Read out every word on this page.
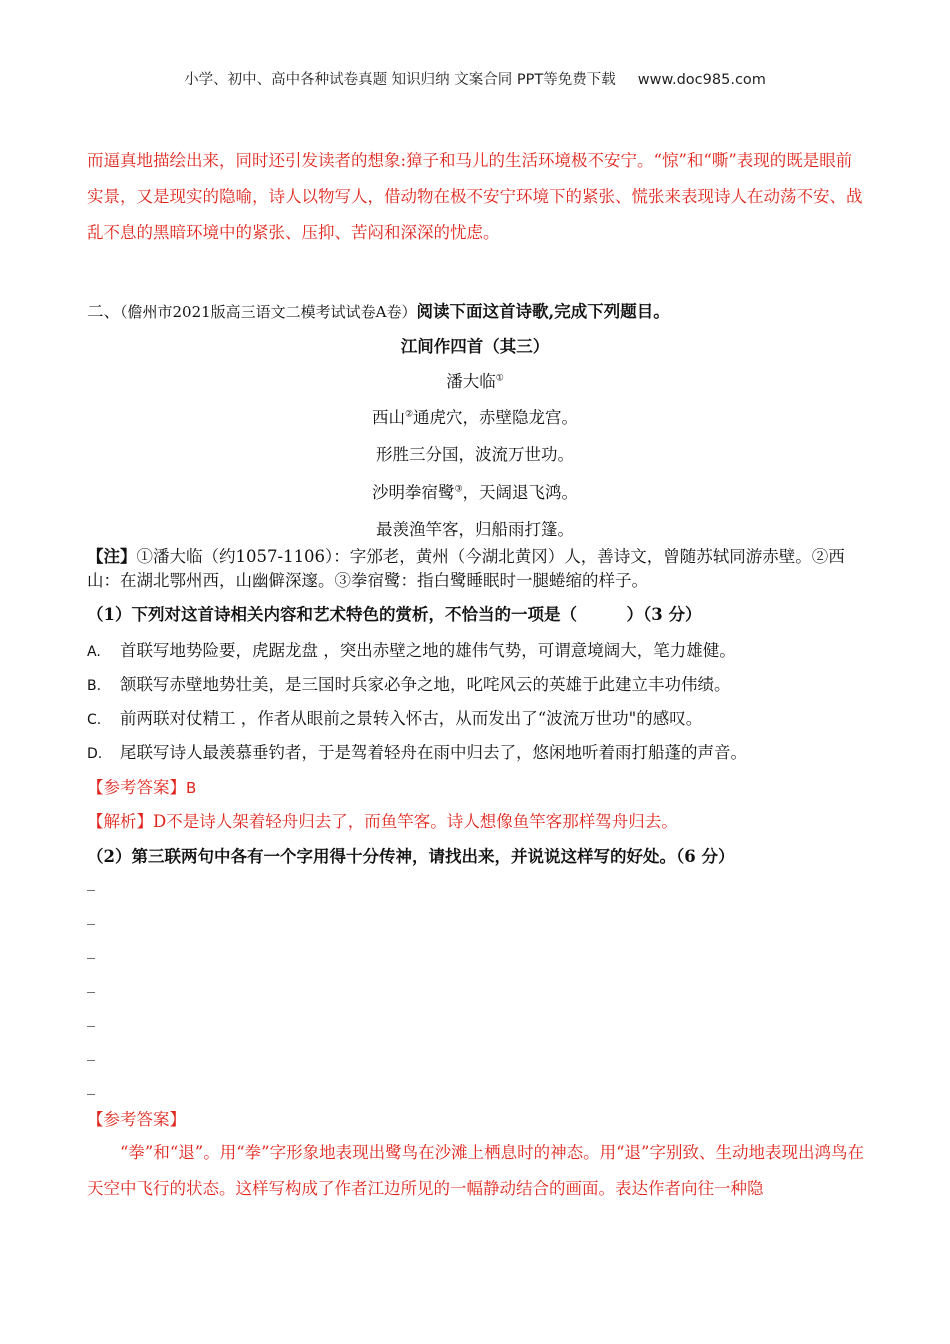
小学、初中、高中各种试卷真题 知识归纳 文案合同 PPT等免费下载 www.doc985.com

而逼真地描绘出来，同时还引发读者的想象:獐子和马儿的生活环境极不安宁。“惊”和“嘶”表现的既是眼前实景，又是现实的隐喻，诗人以物写人，借动物在极不安宁环境下的紧张、慌张来表现诗人在动荡不安、战乱不息的黑暗环境中的紧张、压抑、苦闷和深深的忧虑。

二、（儋州市2021版高三语文二模考试试卷A卷）阅读下面这首诗歌,完成下列题目。
江间作四首（其三）
潘大临①
西山②通虎穴，赤壁隐龙宫。
形胜三分国，波流万世功。
沙明拳宿鹭③，天阔退飞鸿。
最羡渔竿客，归船雨打篷。

【注】①潘大临（约1057-1106）：字邠老，黄州（今湖北黄冈）人，善诗文，曾随苏轼同游赤壁。②西山：在湖北鄂州西，山幽僻深邃。③拳宿鹭：指白鹭睡眠时一腿蜷缩的样子。

（1）下列对这首诗相关内容和艺术特色的赏析，不恰当的一项是（　　　）（3 分）
A. 首联写地势险要，虎踞龙盘 ，突出赤壁之地的雄伟气势，可谓意境阔大，笔力雄健。
B. 颔联写赤壁地势壮美，是三国时兵家必争之地，叱咤风云的英雄于此建立丰功伟绩。
C. 前两联对仗精工 ，作者从眼前之景转入怀古，从而发出了“波流万世功"的感叹。
D. 尾联写诗人最羡慕垂钓者，于是驾着轻舟在雨中归去了，悠闲地听着雨打船蓬的声音。
【参考答案】B
【解析】D不是诗人架着轻舟归去了，而鱼竿客。诗人想像鱼竿客那样驾舟归去。
（2）第三联两句中各有一个字用得十分传神，请找出来，并说说这样写的好处。（6 分）
_
_
_
_
_
_
_
【参考答案】

“拳”和“退”。用“拳”字形象地表现出鹭鸟在沙滩上栖息时的神态。用“退”字别致、生动地表现出鸿鸟在天空中飞行的状态。这样写构成了作者江边所见的一幅静动结合的画面。表达作者向往一种隐
